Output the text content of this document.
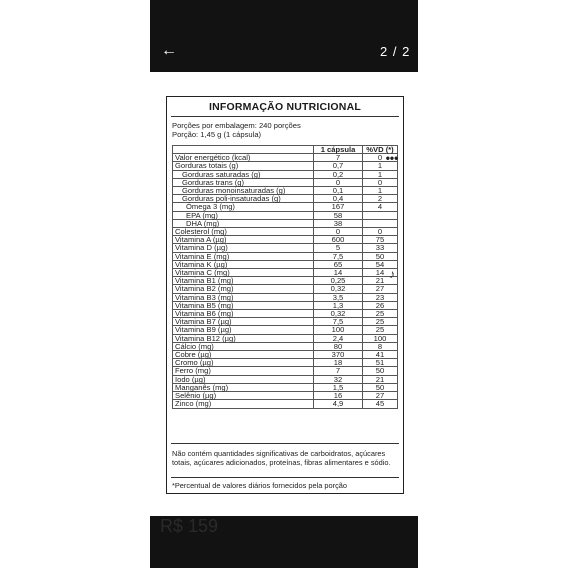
←	2 / 2
INFORMAÇÃO NUTRICIONAL
Porções por embalagem: 240 porções
Porção: 1,45 g (1 cápsula)
	1 cápsula	%VD (*)
Valor energético (kcal)	7	0
Gorduras totais (g)	0,7	1
Gorduras saturadas (g)	0,2	1
Gorduras trans (g)	0	0
Gorduras monoinsaturadas (g)	0,1	1
Gorduras poli-insaturadas (g)	0,4	2
Ômega 3 (mg)	167	4
EPA (mg)	58	
DHA (mg)	38	
Colesterol (mg)	0	0
Vitamina A (µg)	600	75
Vitamina D (µg)	5	33
Vitamina E (mg)	7,5	50
Vitamina K (µg)	65	54
Vitamina C (mg)	14	14
Vitamina B1 (mg)	0,25	21
Vitamina B2 (mg)	0,32	27
Vitamina B3 (mg)	3,5	23
Vitamina B5 (mg)	1,3	26
Vitamina B6 (mg)	0,32	25
Vitamina B7 (µg)	7,5	25
Vitamina B9 (µg)	100	25
Vitamina B12 (µg)	2,4	100
Cálcio (mg)	80	8
Cobre (µg)	370	41
Cromo (µg)	18	51
Ferro (mg)	7	50
Iodo (µg)	32	21
Manganês (mg)	1,5	50
Selênio (µg)	16	27
Zinco (mg)	4,9	45
Não contém quantidades significativas de carboidratos, açúcares totais, açúcares adicionados, proteínas, fibras alimentares e sódio.
*Percentual de valores diários fornecidos pela porção
•••
♪
R$ 159
